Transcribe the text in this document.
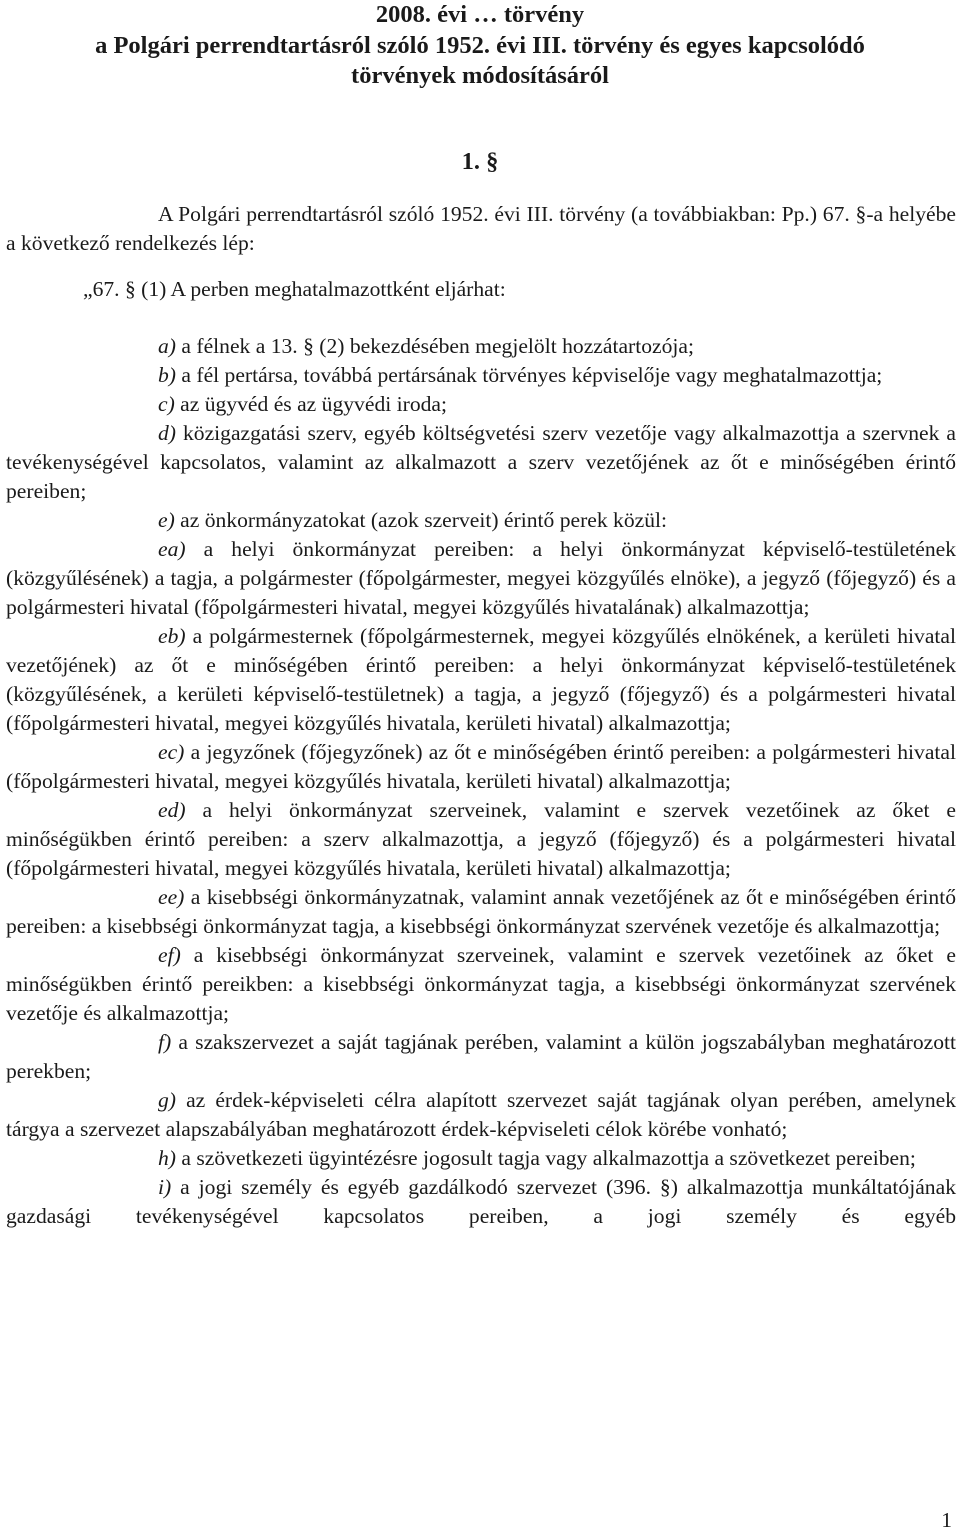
2008. évi … törvény
a Polgári perrendtartásról szóló 1952. évi III. törvény és egyes kapcsolódó
törvények módosításáról
1. §

A Polgári perrendtartásról szóló 1952. évi III. törvény (a továbbiakban: Pp.) 67. §-a helyébe a következő rendelkezés lép:

„67. § (1) A perben meghatalmazottként eljárhat:

a) a félnek a 13. § (2) bekezdésében megjelölt hozzátartozója;

b) a fél pertársa, továbbá pertársának törvényes képviselője vagy meghatalmazottja;

c) az ügyvéd és az ügyvédi iroda;

d) közigazgatási szerv, egyéb költségvetési szerv vezetője vagy alkalmazottja a szervnek a tevékenységével kapcsolatos, valamint az alkalmazott a szerv vezetőjének az őt e minőségében érintő pereiben;

e) az önkormányzatokat (azok szerveit) érintő perek közül:

ea) a helyi önkormányzat pereiben: a helyi önkormányzat képviselő-testületének (közgyűlésének) a tagja, a polgármester (főpolgármester, megyei közgyűlés elnöke), a jegyző (főjegyző) és a polgármesteri hivatal (főpolgármesteri hivatal, megyei közgyűlés hivatalának) alkalmazottja;

eb) a polgármesternek (főpolgármesternek, megyei közgyűlés elnökének, a kerületi hivatal vezetőjének) az őt e minőségében érintő pereiben: a helyi önkormányzat képviselő-testületének (közgyűlésének, a kerületi képviselő-testületnek) a tagja, a jegyző (főjegyző) és a polgármesteri hivatal (főpolgármesteri hivatal, megyei közgyűlés hivatala, kerületi hivatal) alkalmazottja;

ec) a jegyzőnek (főjegyzőnek) az őt e minőségében érintő pereiben: a polgármesteri hivatal (főpolgármesteri hivatal, megyei közgyűlés hivatala, kerületi hivatal) alkalmazottja;

ed) a helyi önkormányzat szerveinek, valamint e szervek vezetőinek az őket e minőségükben érintő pereiben: a szerv alkalmazottja, a jegyző (főjegyző) és a polgármesteri hivatal (főpolgármesteri hivatal, megyei közgyűlés hivatala, kerületi hivatal) alkalmazottja;

ee) a kisebbségi önkormányzatnak, valamint annak vezetőjének az őt e minőségében érintő pereiben: a kisebbségi önkormányzat tagja, a kisebbségi önkormányzat szervének vezetője és alkalmazottja;

ef) a kisebbségi önkormányzat szerveinek, valamint e szervek vezetőinek az őket e minőségükben érintő pereikben: a kisebbségi önkormányzat tagja, a kisebbségi önkormányzat szervének vezetője és alkalmazottja;

f) a szakszervezet a saját tagjának perében, valamint a külön jogszabályban meghatározott perekben;

g) az érdek-képviseleti célra alapított szervezet saját tagjának olyan perében, amelynek tárgya a szervezet alapszabályában meghatározott érdek-képviseleti célok körébe vonható;

h) a szövetkezeti ügyintézésre jogosult tagja vagy alkalmazottja a szövetkezet pereiben;

i) a jogi személy és egyéb gazdálkodó szervezet (396. §) alkalmazottja munkáltatójának gazdasági tevékenységével kapcsolatos pereiben, a jogi személy és egyéb

1
